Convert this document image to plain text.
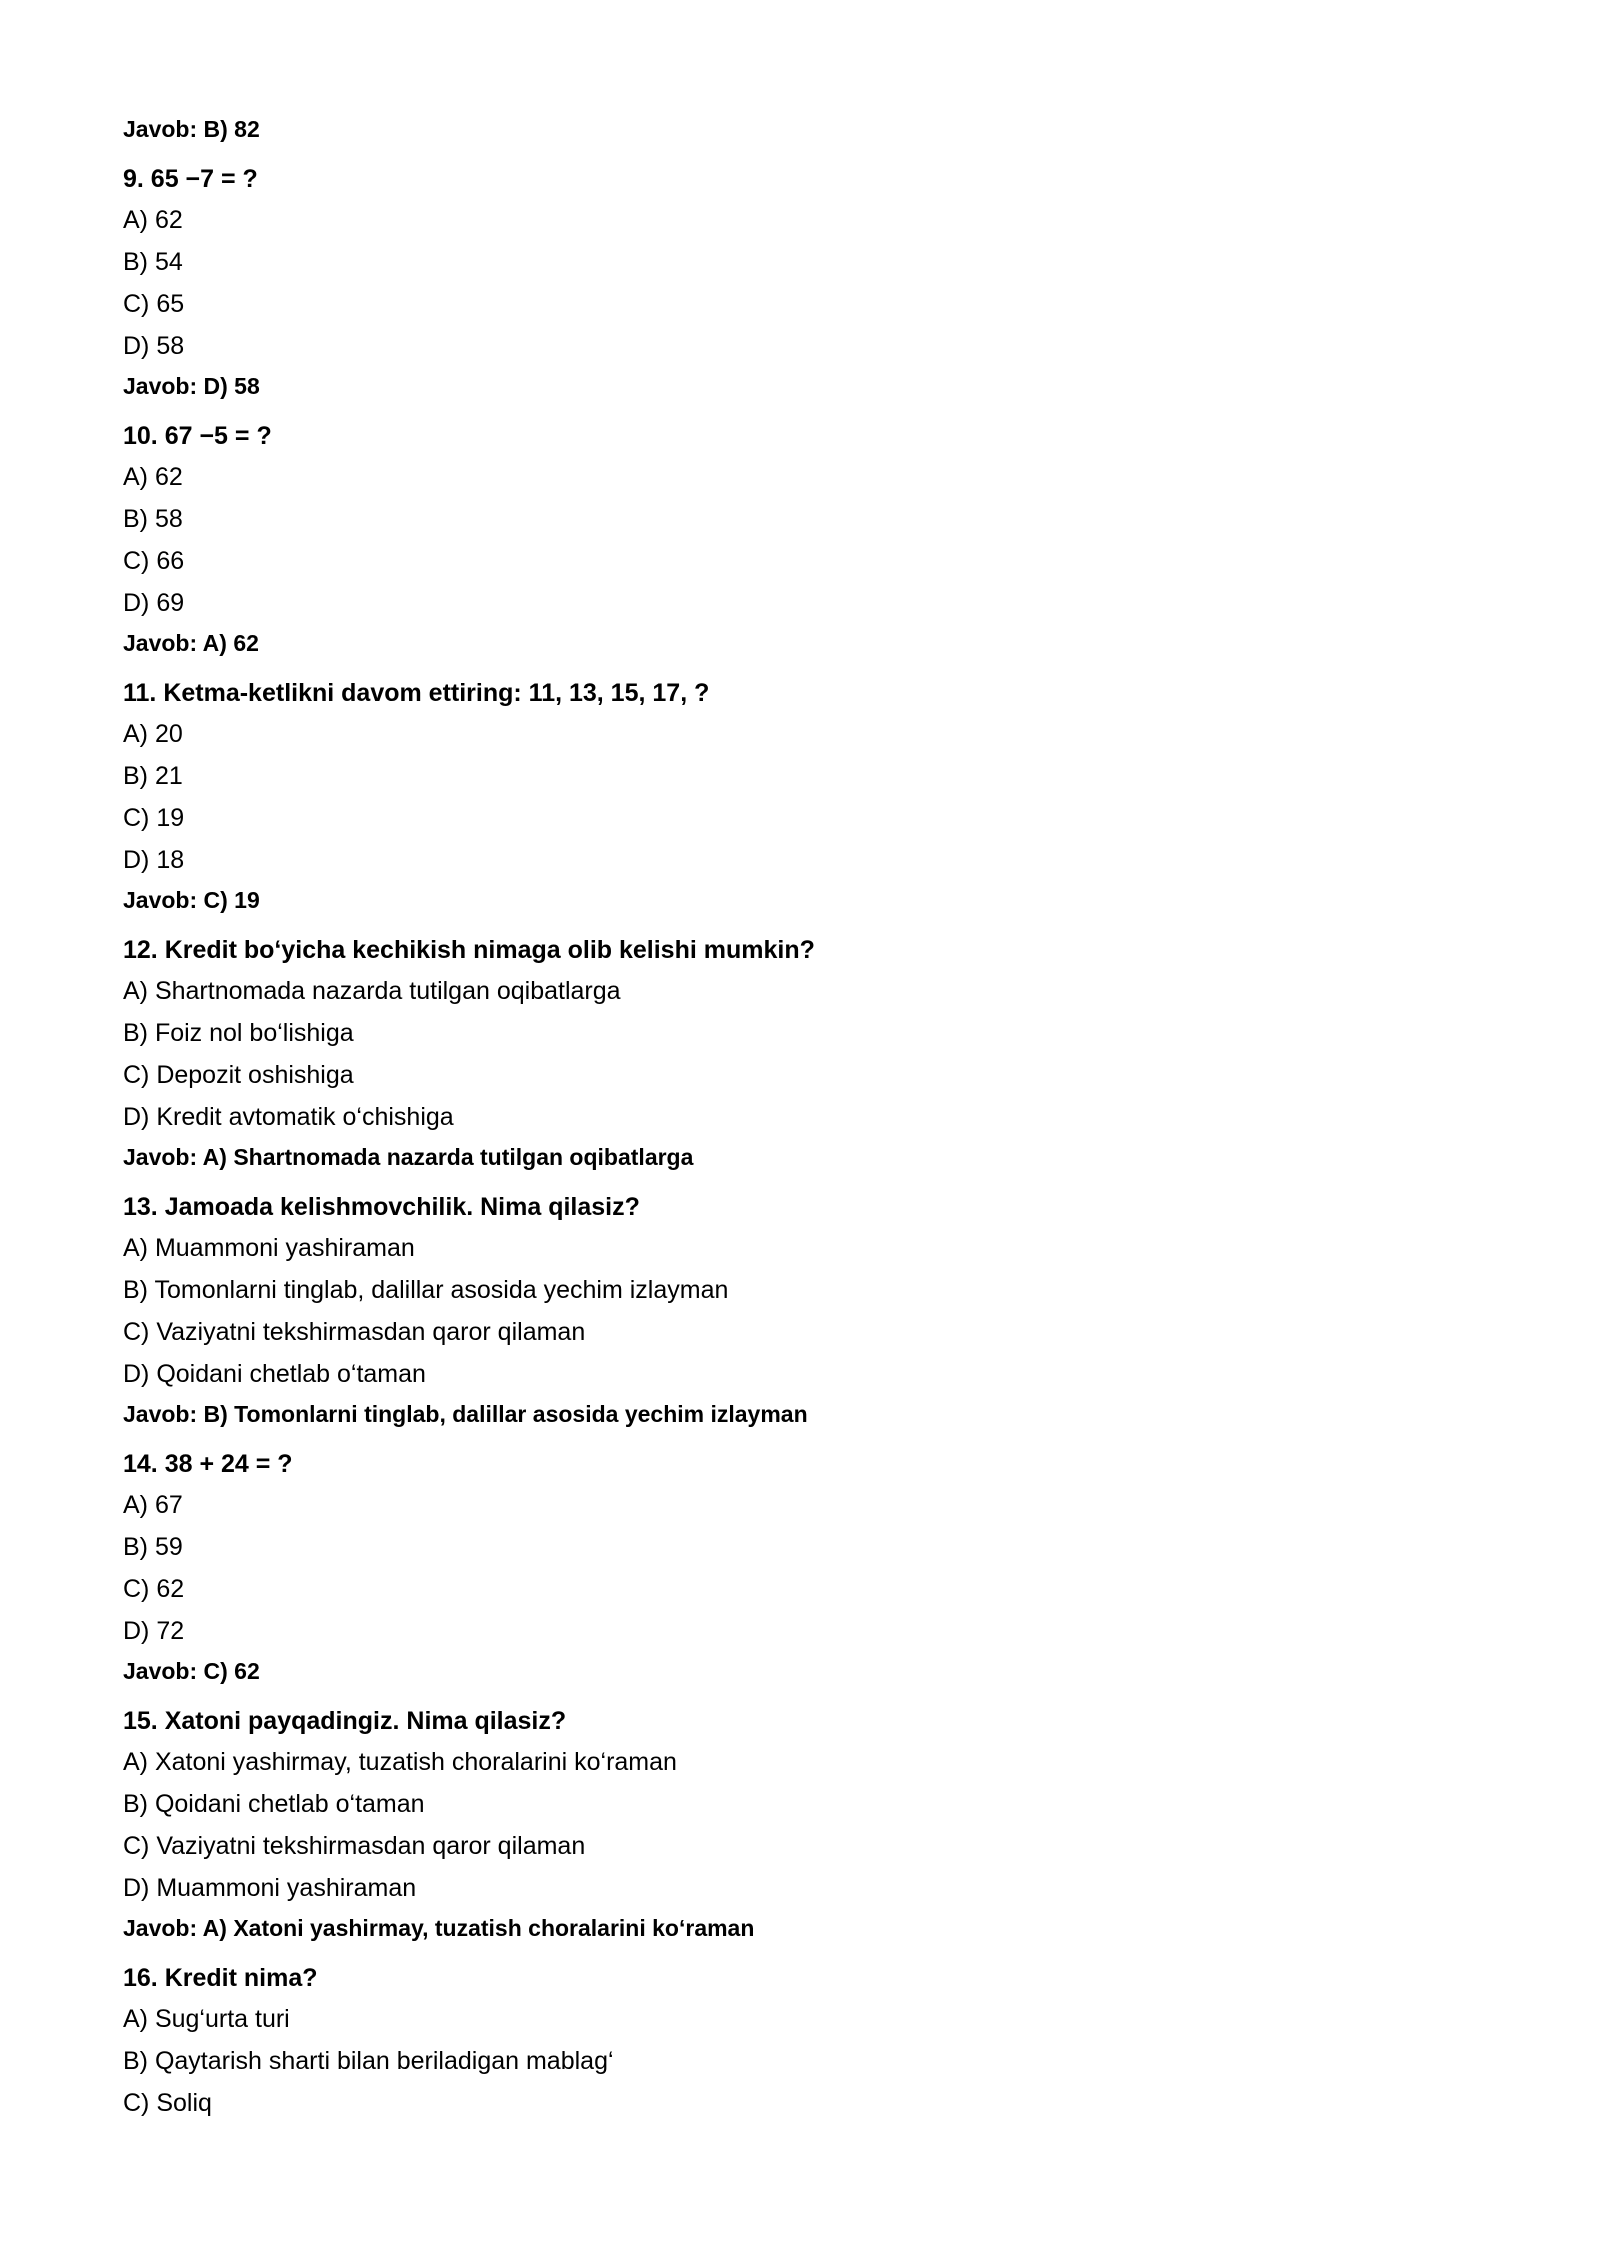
Javob: B) 82

9. 65 −7 = ?

A) 62

B) 54

C) 65

D) 58

Javob: D) 58

10. 67 −5 = ?

A) 62

B) 58

C) 66

D) 69

Javob: A) 62

11. Ketma-ketlikni davom ettiring: 11, 13, 15, 17, ?

A) 20

B) 21

C) 19

D) 18

Javob: C) 19

12. Kredit bo‘yicha kechikish nimaga olib kelishi mumkin?

A) Shartnomada nazarda tutilgan oqibatlarga

B) Foiz nol bo‘lishiga

C) Depozit oshishiga

D) Kredit avtomatik o‘chishiga

Javob: A) Shartnomada nazarda tutilgan oqibatlarga

13. Jamoada kelishmovchilik. Nima qilasiz?

A) Muammoni yashiraman

B) Tomonlarni tinglab, dalillar asosida yechim izlayman

C) Vaziyatni tekshirmasdan qaror qilaman

D) Qoidani chetlab o‘taman

Javob: B) Tomonlarni tinglab, dalillar asosida yechim izlayman

14. 38 + 24 = ?

A) 67

B) 59

C) 62

D) 72

Javob: C) 62

15. Xatoni payqadingiz. Nima qilasiz?

A) Xatoni yashirmay, tuzatish choralarini ko‘raman

B) Qoidani chetlab o‘taman

C) Vaziyatni tekshirmasdan qaror qilaman

D) Muammoni yashiraman

Javob: A) Xatoni yashirmay, tuzatish choralarini ko‘raman

16. Kredit nima?

A) Sug‘urta turi

B) Qaytarish sharti bilan beriladigan mablag‘

C) Soliq
